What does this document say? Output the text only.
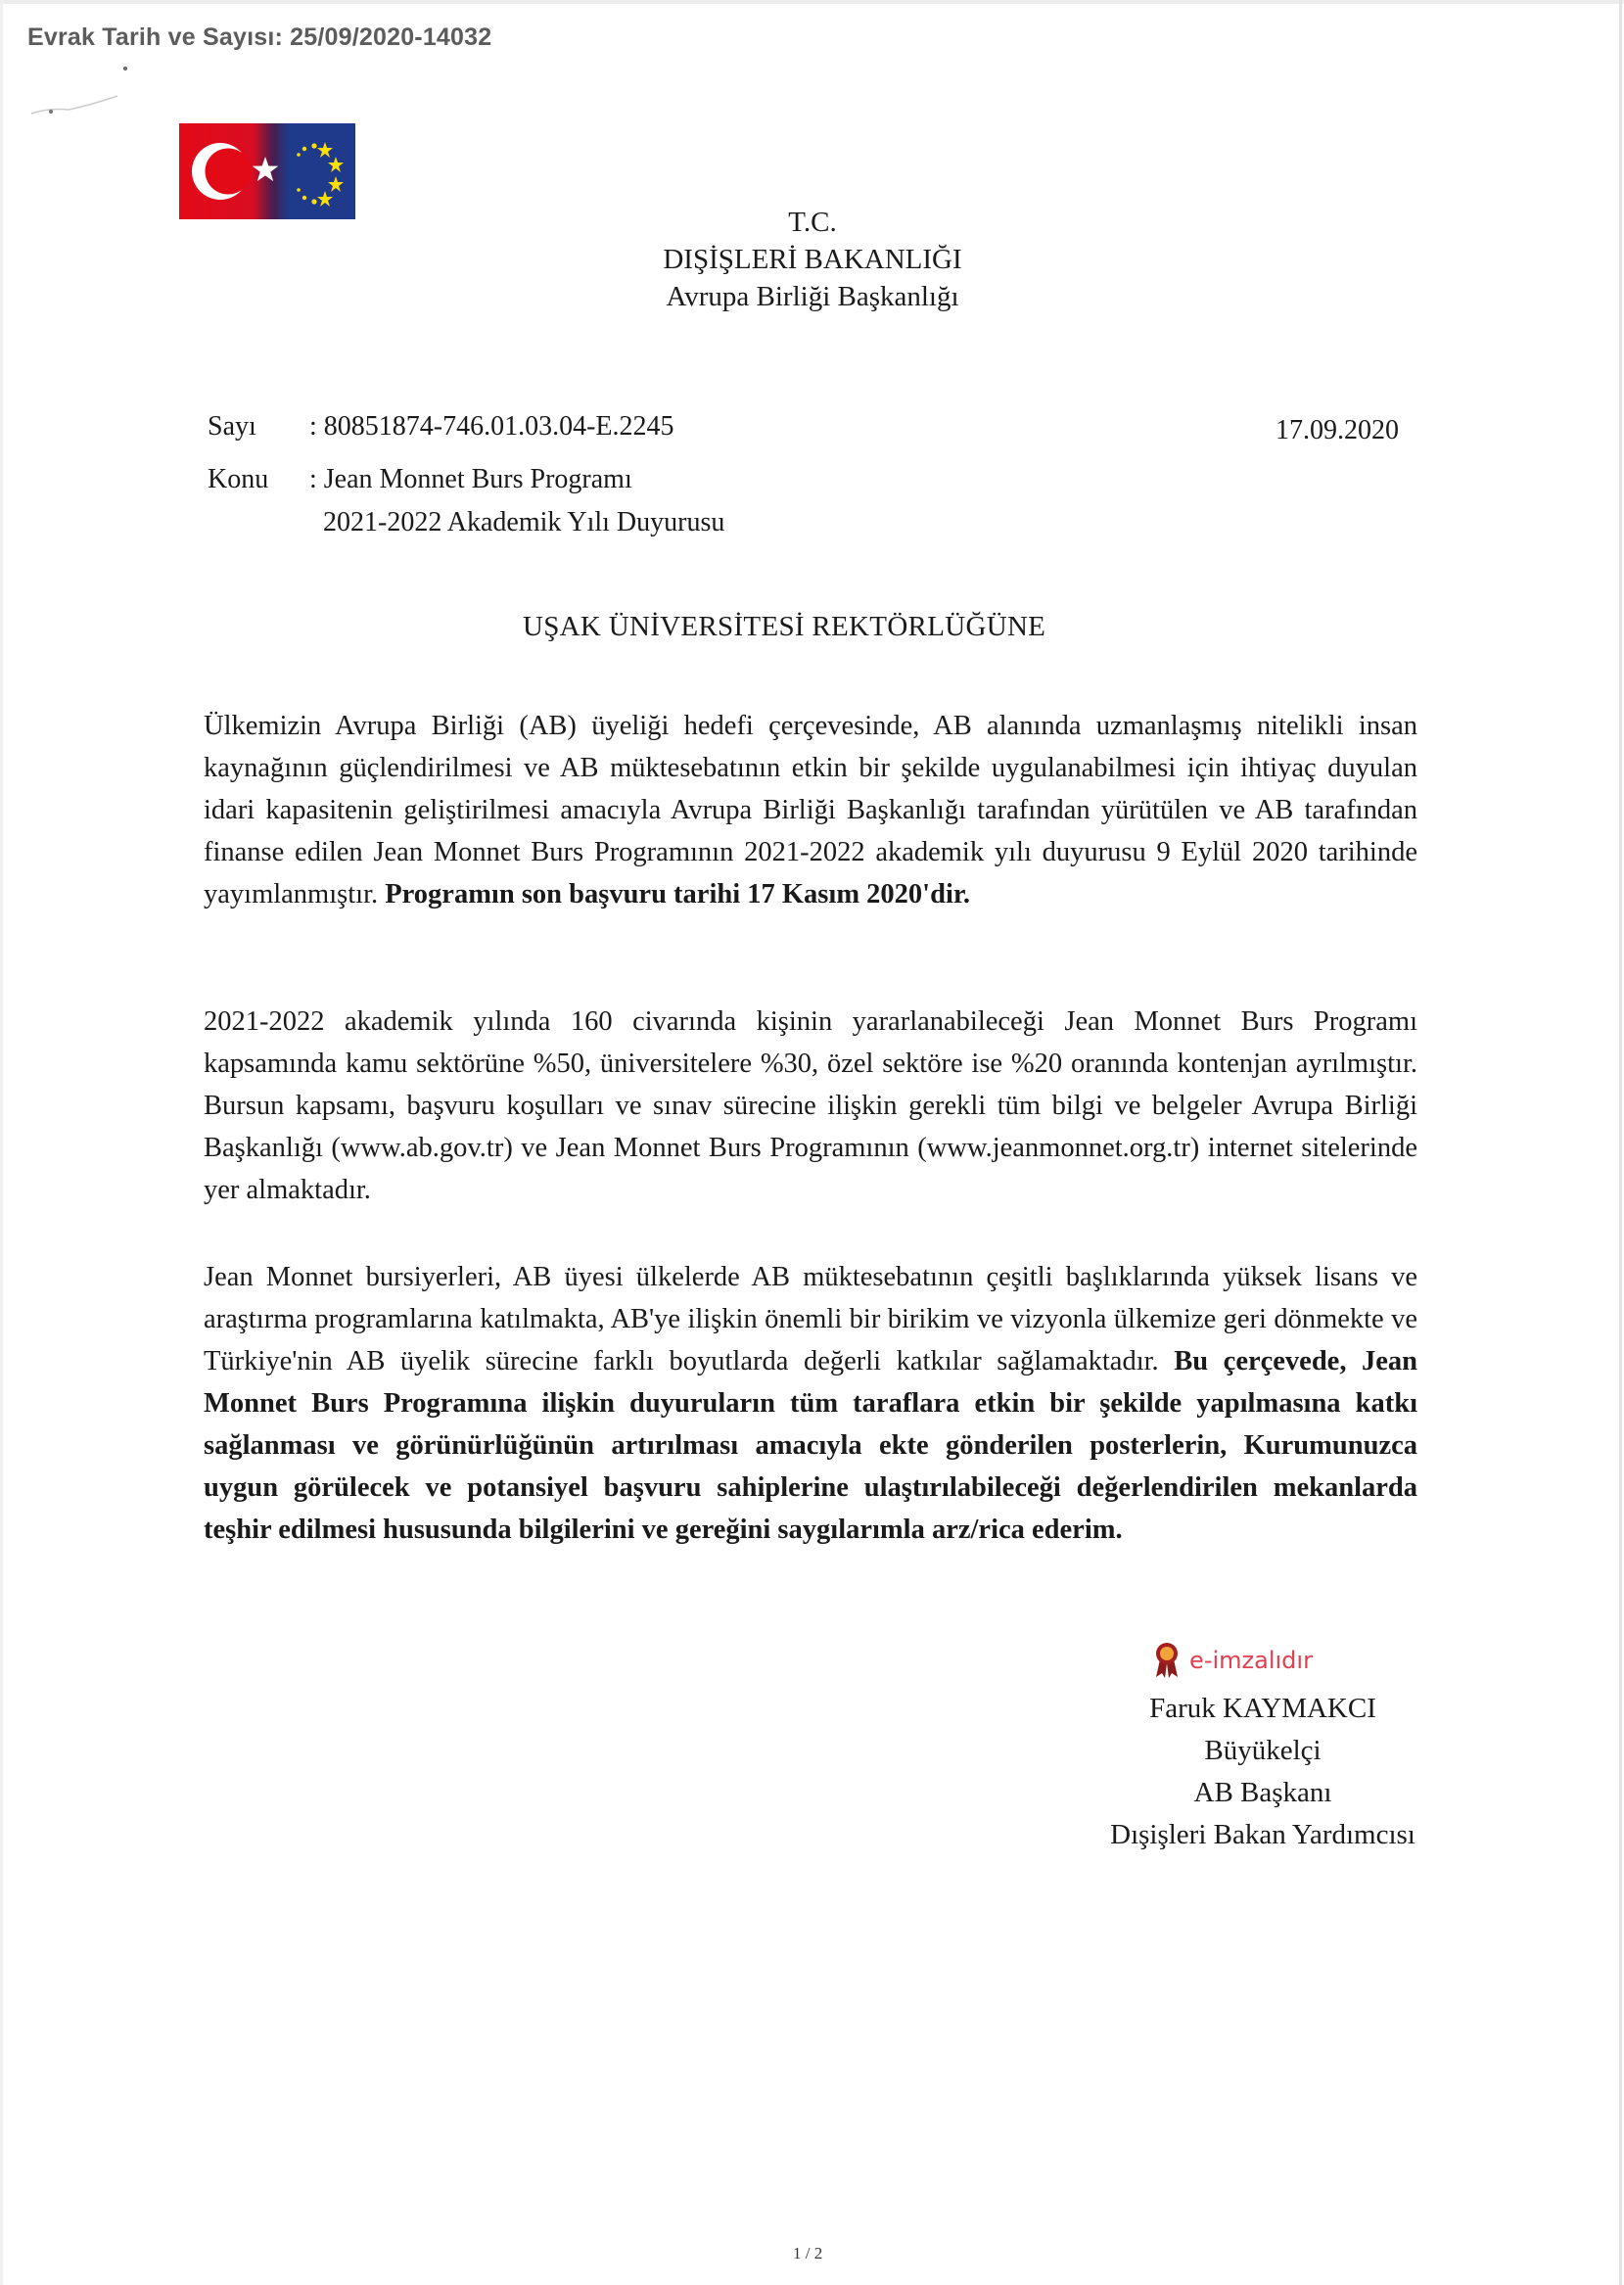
Evrak Tarih ve Sayısı: 25/09/2020-14032
T.C.
DIŞİŞLERİ BAKANLIĞI
Avrupa Birliği Başkanlığı
Sayı : 80851874-746.01.03.04-E.2245	17.09.2020
Konu : Jean Monnet Burs Programı
2021-2022 Akademik Yılı Duyurusu
UŞAK ÜNİVERSİTESİ REKTÖRLÜĞÜNE
Ülkemizin Avrupa Birliği (AB) üyeliği hedefi çerçevesinde, AB alanında uzmanlaşmış nitelikli insan kaynağının güçlendirilmesi ve AB müktesebatının etkin bir şekilde uygulanabilmesi için ihtiyaç duyulan idari kapasitenin geliştirilmesi amacıyla Avrupa Birliği Başkanlığı tarafından yürütülen ve AB tarafından finanse edilen Jean Monnet Burs Programının 2021-2022 akademik yılı duyurusu 9 Eylül 2020 tarihinde yayımlanmıştır. Programın son başvuru tarihi 17 Kasım 2020'dir.
2021-2022 akademik yılında 160 civarında kişinin yararlanabileceği Jean Monnet Burs Programı kapsamında kamu sektörüne %50, üniversitelere %30, özel sektöre ise %20 oranında kontenjan ayrılmıştır. Bursun kapsamı, başvuru koşulları ve sınav sürecine ilişkin gerekli tüm bilgi ve belgeler Avrupa Birliği Başkanlığı (www.ab.gov.tr) ve Jean Monnet Burs Programının (www.jeanmonnet.org.tr) internet sitelerinde yer almaktadır.
Jean Monnet bursiyerleri, AB üyesi ülkelerde AB müktesebatının çeşitli başlıklarında yüksek lisans ve araştırma programlarına katılmakta, AB'ye ilişkin önemli bir birikim ve vizyonla ülkemize geri dönmekte ve Türkiye'nin AB üyelik sürecine farklı boyutlarda değerli katkılar sağlamaktadır. Bu çerçevede, Jean Monnet Burs Programına ilişkin duyuruların tüm taraflara etkin bir şekilde yapılmasına katkı sağlanması ve görünürlüğünün artırılması amacıyla ekte gönderilen posterlerin, Kurumunuzca uygun görülecek ve potansiyel başvuru sahiplerine ulaştırılabileceği değerlendirilen mekanlarda teşhir edilmesi hususunda bilgilerini ve gereğini saygılarımla arz/rica ederim.
e-imzalıdır
Faruk KAYMAKCI
Büyükelçi
AB Başkanı
Dışişleri Bakan Yardımcısı
1 / 2
